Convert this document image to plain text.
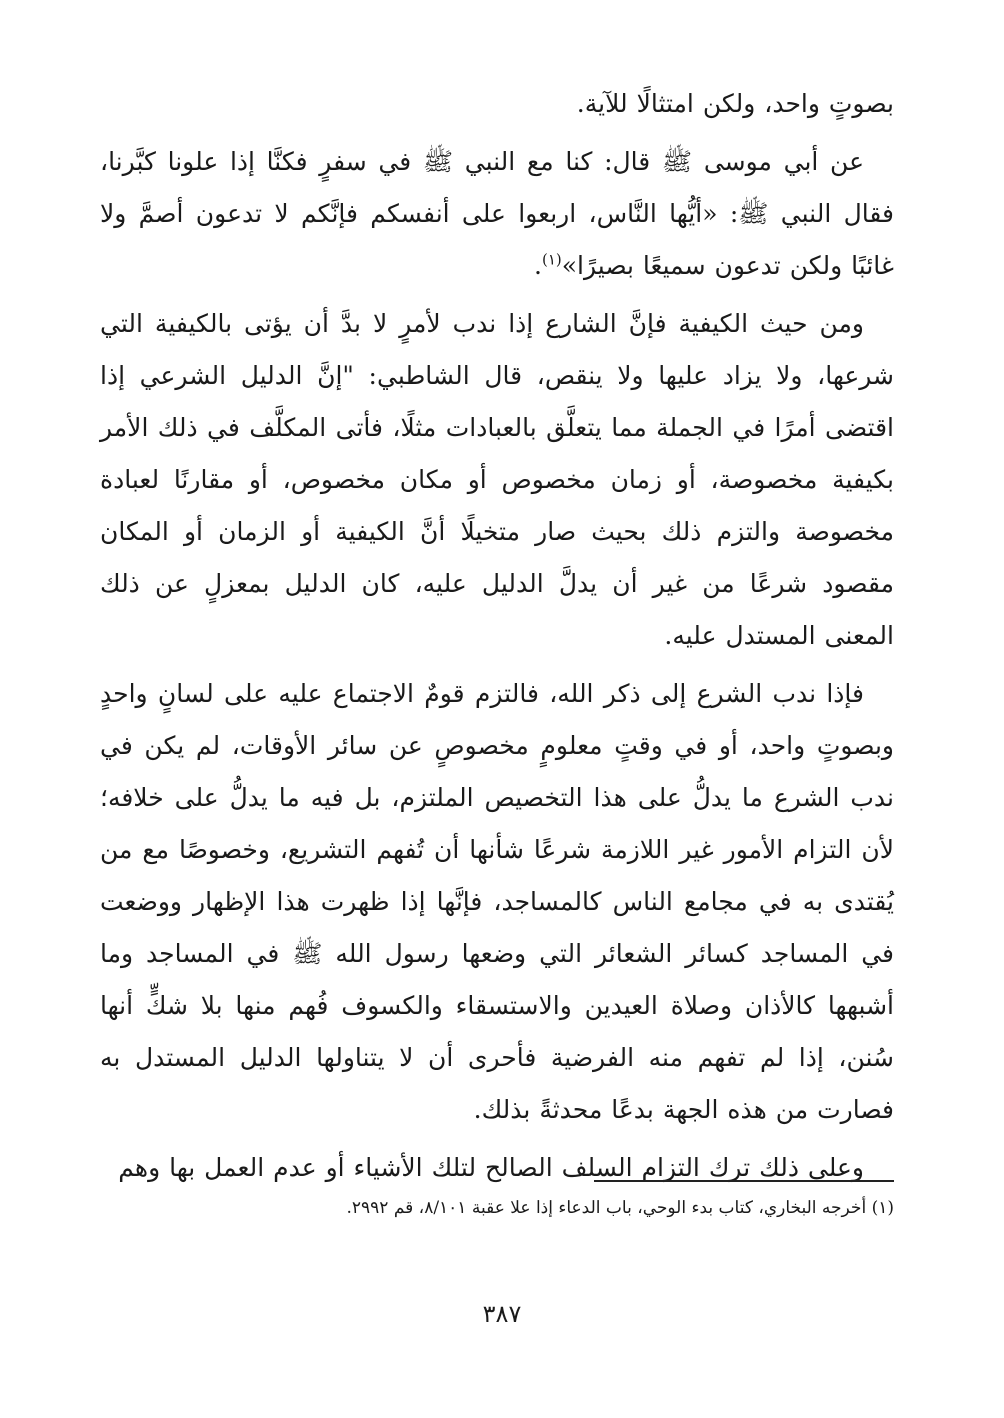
بصوتٍ واحد، ولكن امتثالًا للآية.

عن أبي موسى ﷺ قال: كنا مع النبي ﷺ في سفرٍ فكنَّا إذا علونا كبَّرنا، فقال النبي ﷺ: «أيُّها النَّاس، اربعوا على أنفسكم فإنَّكم لا تدعون أصمَّ ولا غائبًا ولكن تدعون سميعًا بصيرًا»$^{(١)}$.

ومن حيث الكيفية فإنَّ الشارع إذا ندب لأمرٍ لا بدَّ أن يؤتى بالكيفية التي شرعها، ولا يزاد عليها ولا ينقص، قال الشاطبي: "إنَّ الدليل الشرعي إذا اقتضى أمرًا في الجملة مما يتعلَّق بالعبادات مثلًا، فأتى المكلَّف في ذلك الأمر بكيفية مخصوصة، أو زمان مخصوص أو مكان مخصوص، أو مقارنًا لعبادة مخصوصة والتزم ذلك بحيث صار متخيلًا أنَّ الكيفية أو الزمان أو المكان مقصود شرعًا من غير أن يدلَّ الدليل عليه، كان الدليل بمعزلٍ عن ذلك المعنى المستدل عليه.

فإذا ندب الشرع إلى ذكر الله، فالتزم قومٌ الاجتماع عليه على لسانٍ واحدٍ وبصوتٍ واحد، أو في وقتٍ معلومٍ مخصوصٍ عن سائر الأوقات، لم يكن في ندب الشرع ما يدلُّ على هذا التخصيص الملتزم، بل فيه ما يدلُّ على خلافه؛ لأن التزام الأمور غير اللازمة شرعًا شأنها أن تُفهم التشريع، وخصوصًا مع من يُقتدى به في مجامع الناس كالمساجد، فإنَّها إذا ظهرت هذا الإظهار ووضعت في المساجد كسائر الشعائر التي وضعها رسول الله ﷺ في المساجد وما أشبهها كالأذان وصلاة العيدين والاستسقاء والكسوف فُهم منها بلا شكٍّ أنها سُنن، إذا لم تفهم منه الفرضية فأحرى أن لا يتناولها الدليل المستدل به فصارت من هذه الجهة بدعًا محدثةً بذلك.

وعلى ذلك ترك التزام السلف الصالح لتلك الأشياء أو عدم العمل بها وهم

(١) أخرجه البخاري، كتاب بدء الوحي، باب الدعاء إذا علا عقبة ٨/١٠١، قم ٢٩٩٢.
٣٨٧
